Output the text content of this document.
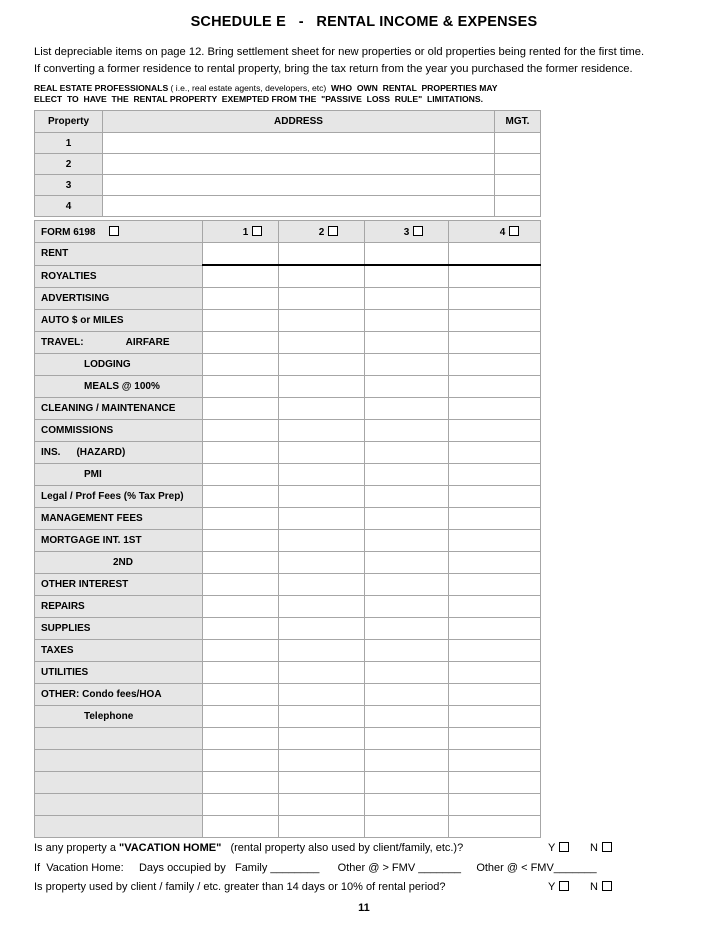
SCHEDULE E   -   RENTAL INCOME & EXPENSES
List depreciable items on page 12. Bring settlement sheet for new properties or old properties being rented for the first time.
If converting a former residence to rental property, bring the tax return from the year you purchased the former residence.
REAL ESTATE PROFESSIONALS ( i.e., real estate agents, developers, etc)  WHO  OWN  RENTAL  PROPERTIES MAY
ELECT  TO  HAVE  THE  RENTAL PROPERTY  EXEMPTED FROM THE  "PASSIVE  LOSS  RULE"  LIMITATIONS.
Property	ADDRESS	MGT.
1		
2		
3		
4		
FORM 6198	1	2	3	4
RENT				
ROYALTIES				
ADVERTISING				
AUTO $ or MILES				
TRAVEL: AIRFARE				
LODGING				
MEALS @ 100%				
CLEANING / MAINTENANCE				
COMMISSIONS				
INS. (HAZARD)				
PMI				
Legal / Prof Fees (% Tax Prep)				
MANAGEMENT FEES				
MORTGAGE INT. 1ST				
2ND				
OTHER INTEREST				
REPAIRS				
SUPPLIES				
TAXES				
UTILITIES				
OTHER: Condo fees/HOA				
Telephone				

Is any property a "VACATION HOME"   (rental property also used by client/family, etc.)?	Y	N
If  Vacation Home:     Days occupied by   Family ________      Other @ > FMV _______     Other @ < FMV_______
Is property used by client / family / etc. greater than 14 days or 10% of rental period?	Y	N
11
